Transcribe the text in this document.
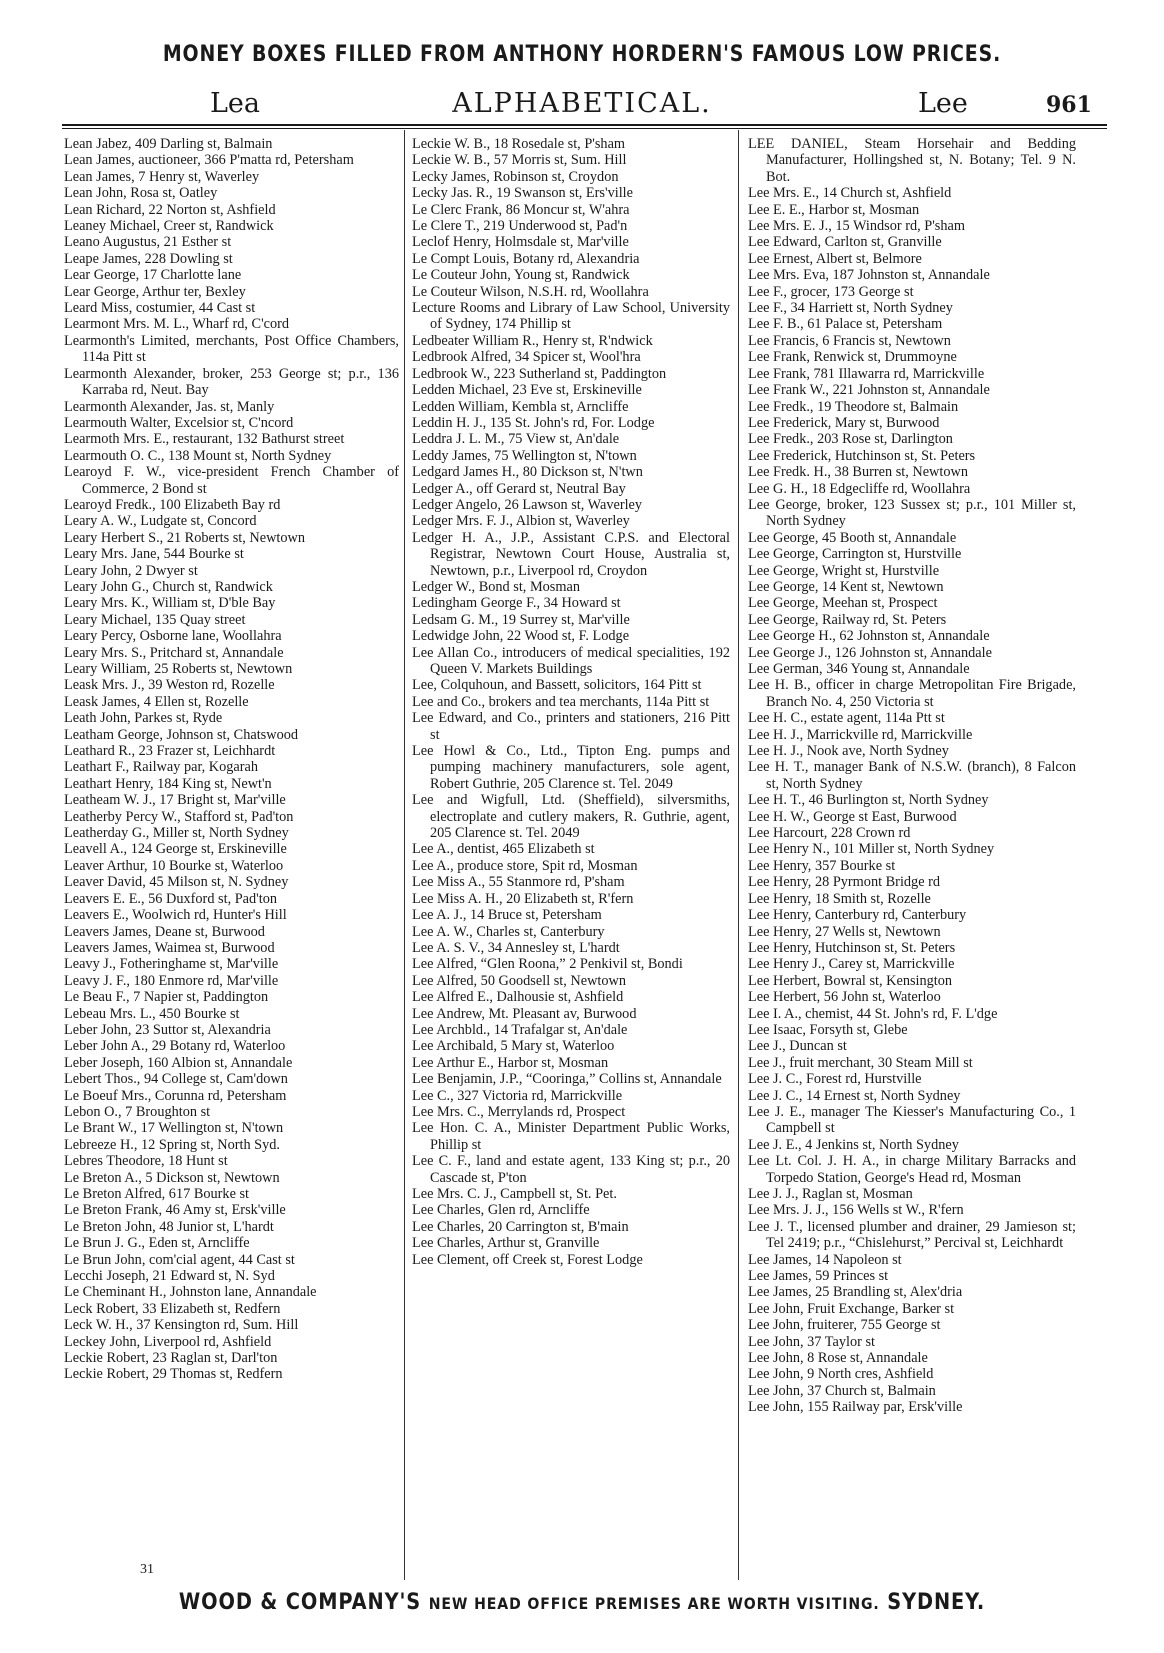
MONEY BOXES FILLED FROM ANTHONY HORDERN'S FAMOUS LOW PRICES.
Lea	ALPHABETICAL.	Lee	961
Lean Jabez, 409 Darling st, Balmain
Lean James, auctioneer, 366 P'matta rd, Petersham
Lean James, 7 Henry st, Waverley
Lean John, Rosa st, Oatley
Lean Richard, 22 Norton st, Ashfield
Leaney Michael, Creer st, Randwick
Leano Augustus, 21 Esther st
Leape James, 228 Dowling st
Lear George, 17 Charlotte lane
Lear George, Arthur ter, Bexley
Leard Miss, costumier, 44 Cast st
Learmont Mrs. M. L., Wharf rd, C'cord
Learmonth's Limited, merchants, Post Office Chambers, 114a Pitt st
Learmonth Alexander, broker, 253 George st; p.r., 136 Karraba rd, Neut. Bay
Learmonth Alexander, Jas. st, Manly
Learmouth Walter, Excelsior st, C'ncord
Learmoth Mrs. E., restaurant, 132 Bathurst street
Learmouth O. C., 138 Mount st, North Sydney
Learoyd F. W., vice-president French Chamber of Commerce, 2 Bond st
Learoyd Fredk., 100 Elizabeth Bay rd
Leary A. W., Ludgate st, Concord
Leary Herbert S., 21 Roberts st, Newtown
Leary Mrs. Jane, 544 Bourke st
Leary John, 2 Dwyer st
Leary John G., Church st, Randwick
Leary Mrs. K., William st, D'ble Bay
Leary Michael, 135 Quay street
Leary Percy, Osborne lane, Woollahra
Leary Mrs. S., Pritchard st, Annandale
Leary William, 25 Roberts st, Newtown
Leask Mrs. J., 39 Weston rd, Rozelle
Leask James, 4 Ellen st, Rozelle
Leath John, Parkes st, Ryde
Leatham George, Johnson st, Chatswood
Leathard R., 23 Frazer st, Leichhardt
Leathart F., Railway par, Kogarah
Leathart Henry, 184 King st, Newt'n
Leatheam W. J., 17 Bright st, Mar'ville
Leatherby Percy W., Stafford st, Pad'ton
Leatherday G., Miller st, North Sydney
Leavell A., 124 George st, Erskineville
Leaver Arthur, 10 Bourke st, Waterloo
Leaver David, 45 Milson st, N. Sydney
Leavers E. E., 56 Duxford st, Pad'ton
Leavers E., Woolwich rd, Hunter's Hill
Leavers James, Deane st, Burwood
Leavers James, Waimea st, Burwood
Leavy J., Fotheringhame st, Mar'ville
Leavy J. F., 180 Enmore rd, Mar'ville
Le Beau F., 7 Napier st, Paddington
Lebeau Mrs. L., 450 Bourke st
Leber John, 23 Suttor st, Alexandria
Leber John A., 29 Botany rd, Waterloo
Leber Joseph, 160 Albion st, Annandale
Lebert Thos., 94 College st, Cam'down
Le Boeuf Mrs., Corunna rd, Petersham
Lebon O., 7 Broughton st
Le Brant W., 17 Wellington st, N'town
Lebreeze H., 12 Spring st, North Syd.
Lebres Theodore, 18 Hunt st
Le Breton A., 5 Dickson st, Newtown
Le Breton Alfred, 617 Bourke st
Le Breton Frank, 46 Amy st, Ersk'ville
Le Breton John, 48 Junior st, L'hardt
Le Brun J. G., Eden st, Arncliffe
Le Brun John, com'cial agent, 44 Cast st
Lecchi Joseph, 21 Edward st, N. Syd
Le Cheminant H., Johnston lane, Annandale
Leck Robert, 33 Elizabeth st, Redfern
Leck W. H., 37 Kensington rd, Sum. Hill
Leckey John, Liverpool rd, Ashfield
Leckie Robert, 23 Raglan st, Darl'ton
Leckie Robert, 29 Thomas st, Redfern
Leckie W. B., 18 Rosedale st, P'sham
Leckie W. B., 57 Morris st, Sum. Hill
Lecky James, Robinson st, Croydon
Lecky Jas. R., 19 Swanson st, Ers'ville
Le Clerc Frank, 86 Moncur st, W'ahra
Le Clere T., 219 Underwood st, Pad'n
Leclof Henry, Holmsdale st, Mar'ville
Le Compt Louis, Botany rd, Alexandria
Le Couteur John, Young st, Randwick
Le Couteur Wilson, N.S.H. rd, Woollahra
Lecture Rooms and Library of Law School, University of Sydney, 174 Phillip st
Ledbeater William R., Henry st, R'ndwick
Ledbrook Alfred, 34 Spicer st, Wool'hra
Ledbrook W., 223 Sutherland st, Paddington
Ledden Michael, 23 Eve st, Erskineville
Ledden William, Kembla st, Arncliffe
Leddin H. J., 135 St. John's rd, For. Lodge
Leddra J. L. M., 75 View st, An'dale
Leddy James, 75 Wellington st, N'town
Ledgard James H., 80 Dickson st, N'twn
Ledger A., off Gerard st, Neutral Bay
Ledger Angelo, 26 Lawson st, Waverley
Ledger Mrs. F. J., Albion st, Waverley
Ledger H. A., J.P., Assistant C.P.S. and Electoral Registrar, Newtown Court House, Australia st, Newtown, p.r., Liverpool rd, Croydon
Ledger W., Bond st, Mosman
Ledingham George F., 34 Howard st
Ledsam G. M., 19 Surrey st, Mar'ville
Ledwidge John, 22 Wood st, F. Lodge
Lee Allan Co., introducers of medical specialities, 192 Queen V. Markets Buildings
Lee, Colquhoun, and Bassett, solicitors, 164 Pitt st
Lee and Co., brokers and tea merchants, 114a Pitt st
Lee Edward, and Co., printers and stationers, 216 Pitt st
Lee Howl & Co., Ltd., Tipton Eng. pumps and pumping machinery manufacturers, sole agent, Robert Guthrie, 205 Clarence st. Tel. 2049
Lee and Wigfull, Ltd. (Sheffield), silversmiths, electroplate and cutlery makers, R. Guthrie, agent, 205 Clarence st. Tel. 2049
Lee A., dentist, 465 Elizabeth st
Lee A., produce store, Spit rd, Mosman
Lee Miss A., 55 Stanmore rd, P'sham
Lee Miss A. H., 20 Elizabeth st, R'fern
Lee A. J., 14 Bruce st, Petersham
Lee A. W., Charles st, Canterbury
Lee A. S. V., 34 Annesley st, L'hardt
Lee Alfred, “Glen Roona,” 2 Penkivil st, Bondi
Lee Alfred, 50 Goodsell st, Newtown
Lee Alfred E., Dalhousie st, Ashfield
Lee Andrew, Mt. Pleasant av, Burwood
Lee Archbld., 14 Trafalgar st, An'dale
Lee Archibald, 5 Mary st, Waterloo
Lee Arthur E., Harbor st, Mosman
Lee Benjamin, J.P., “Cooringa,” Collins st, Annandale
Lee C., 327 Victoria rd, Marrickville
Lee Mrs. C., Merrylands rd, Prospect
Lee Hon. C. A., Minister Department Public Works, Phillip st
Lee C. F., land and estate agent, 133 King st; p.r., 20 Cascade st, P'ton
Lee Mrs. C. J., Campbell st, St. Pet.
Lee Charles, Glen rd, Arncliffe
Lee Charles, 20 Carrington st, B'main
Lee Charles, Arthur st, Granville
Lee Clement, off Creek st, Forest Lodge
LEE DANIEL, Steam Horsehair and Bedding Manufacturer, Hollingshed st, N. Botany; Tel. 9 N. Bot.
Lee Mrs. E., 14 Church st, Ashfield
Lee E. E., Harbor st, Mosman
Lee Mrs. E. J., 15 Windsor rd, P'sham
Lee Edward, Carlton st, Granville
Lee Ernest, Albert st, Belmore
Lee Mrs. Eva, 187 Johnston st, Annandale
Lee F., grocer, 173 George st
Lee F., 34 Harriett st, North Sydney
Lee F. B., 61 Palace st, Petersham
Lee Francis, 6 Francis st, Newtown
Lee Frank, Renwick st, Drummoyne
Lee Frank, 781 Illawarra rd, Marrickville
Lee Frank W., 221 Johnston st, Annandale
Lee Fredk., 19 Theodore st, Balmain
Lee Frederick, Mary st, Burwood
Lee Fredk., 203 Rose st, Darlington
Lee Frederick, Hutchinson st, St. Peters
Lee Fredk. H., 38 Burren st, Newtown
Lee G. H., 18 Edgecliffe rd, Woollahra
Lee George, broker, 123 Sussex st; p.r., 101 Miller st, North Sydney
Lee George, 45 Booth st, Annandale
Lee George, Carrington st, Hurstville
Lee George, Wright st, Hurstville
Lee George, 14 Kent st, Newtown
Lee George, Meehan st, Prospect
Lee George, Railway rd, St. Peters
Lee George H., 62 Johnston st, Annandale
Lee George J., 126 Johnston st, Annandale
Lee German, 346 Young st, Annandale
Lee H. B., officer in charge Metropolitan Fire Brigade, Branch No. 4, 250 Victoria st
Lee H. C., estate agent, 114a Ptt st
Lee H. J., Marrickville rd, Marrickville
Lee H. J., Nook ave, North Sydney
Lee H. T., manager Bank of N.S.W. (branch), 8 Falcon st, North Sydney
Lee H. T., 46 Burlington st, North Sydney
Lee H. W., George st East, Burwood
Lee Harcourt, 228 Crown rd
Lee Henry N., 101 Miller st, North Sydney
Lee Henry, 357 Bourke st
Lee Henry, 28 Pyrmont Bridge rd
Lee Henry, 18 Smith st, Rozelle
Lee Henry, Canterbury rd, Canterbury
Lee Henry, 27 Wells st, Newtown
Lee Henry, Hutchinson st, St. Peters
Lee Henry J., Carey st, Marrickville
Lee Herbert, Bowral st, Kensington
Lee Herbert, 56 John st, Waterloo
Lee I. A., chemist, 44 St. John's rd, F. L'dge
Lee Isaac, Forsyth st, Glebe
Lee J., Duncan st
Lee J., fruit merchant, 30 Steam Mill st
Lee J. C., Forest rd, Hurstville
Lee J. C., 14 Ernest st, North Sydney
Lee J. E., manager The Kiesser's Manufacturing Co., 1 Campbell st
Lee J. E., 4 Jenkins st, North Sydney
Lee Lt. Col. J. H. A., in charge Military Barracks and Torpedo Station, George's Head rd, Mosman
Lee J. J., Raglan st, Mosman
Lee Mrs. J. J., 156 Wells st W., R'fern
Lee J. T., licensed plumber and drainer, 29 Jamieson st; Tel 2419; p.r., “Chislehurst,” Percival st, Leichhardt
Lee James, 14 Napoleon st
Lee James, 59 Princes st
Lee James, 25 Brandling st, Alex'dria
Lee John, Fruit Exchange, Barker st
Lee John, fruiterer, 755 George st
Lee John, 37 Taylor st
Lee John, 8 Rose st, Annandale
Lee John, 9 North cres, Ashfield
Lee John, 37 Church st, Balmain
Lee John, 155 Railway par, Ersk'ville
31
WOOD & COMPANY'S NEW HEAD OFFICE PREMISES ARE WORTH VISITING. SYDNEY.
